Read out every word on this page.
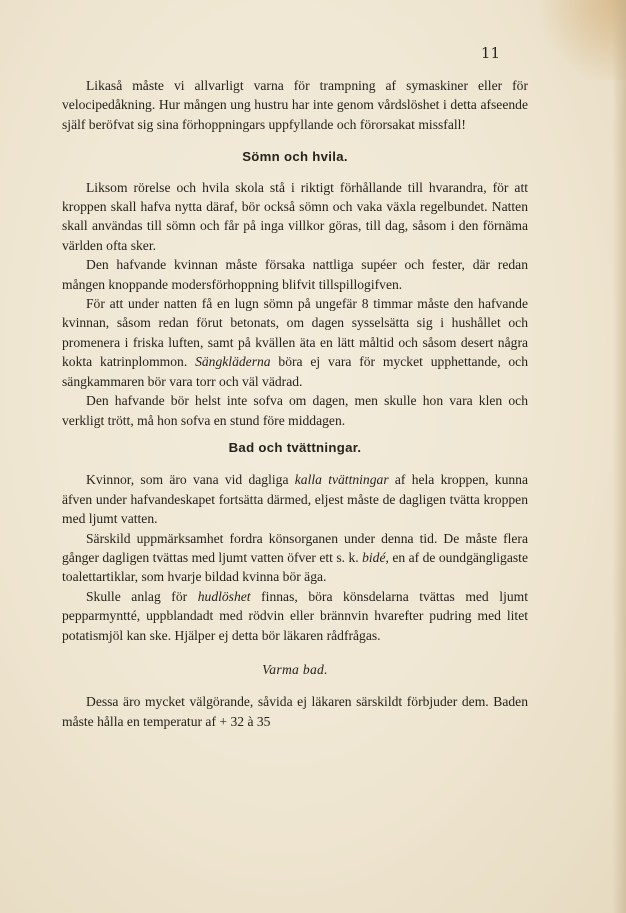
11

Likaså måste vi allvarligt varna för trampning af symaskiner eller för velocipedåkning. Hur mången ung hustru har inte genom vårdslöshet i detta afseende själf beröfvat sig sina förhoppningars uppfyllande och förorsakat missfall!

Sömn och hvila.

Liksom rörelse och hvila skola stå i riktigt förhållande till hvarandra, för att kroppen skall hafva nytta däraf, bör också sömn och vaka växla regelbundet. Natten skall användas till sömn och får på inga villkor göras, till dag, såsom i den förnäma världen ofta sker.

Den hafvande kvinnan måste försaka nattliga supéer och fester, där redan mången knoppande modersförhoppning blifvit tillspillogifven.

För att under natten få en lugn sömn på ungefär 8 timmar måste den hafvande kvinnan, såsom redan förut betonats, om dagen sysselsätta sig i hushållet och promenera i friska luften, samt på kvällen äta en lätt måltid och såsom desert några kokta katrinplommon. Sängkläderna böra ej vara för mycket upphettande, och sängkammaren bör vara torr och väl vädrad.

Den hafvande bör helst inte sofva om dagen, men skulle hon vara klen och verkligt trött, må hon sofva en stund före middagen.

Bad och tvättningar.

Kvinnor, som äro vana vid dagliga kalla tvättningar af hela kroppen, kunna äfven under hafvandeskapet fortsätta därmed, eljest måste de dagligen tvätta kroppen med ljumt vatten.

Särskild uppmärksamhet fordra könsorganen under denna tid. De måste flera gånger dagligen tvättas med ljumt vatten öfver ett s. k. bidé, en af de oundgängligaste toalettartiklar, som hvarje bildad kvinna bör äga.

Skulle anlag för hudlöshet finnas, böra könsdelarna tvättas med ljumt pepparmyntté, uppblandadt med rödvin eller brännvin hvarefter pudring med litet potatismjöl kan ske. Hjälper ej detta bör läkaren rådfrågas.

Varma bad.

Dessa äro mycket välgörande, såvida ej läkaren särskildt förbjuder dem. Baden måste hålla en temperatur af + 32 à 35
